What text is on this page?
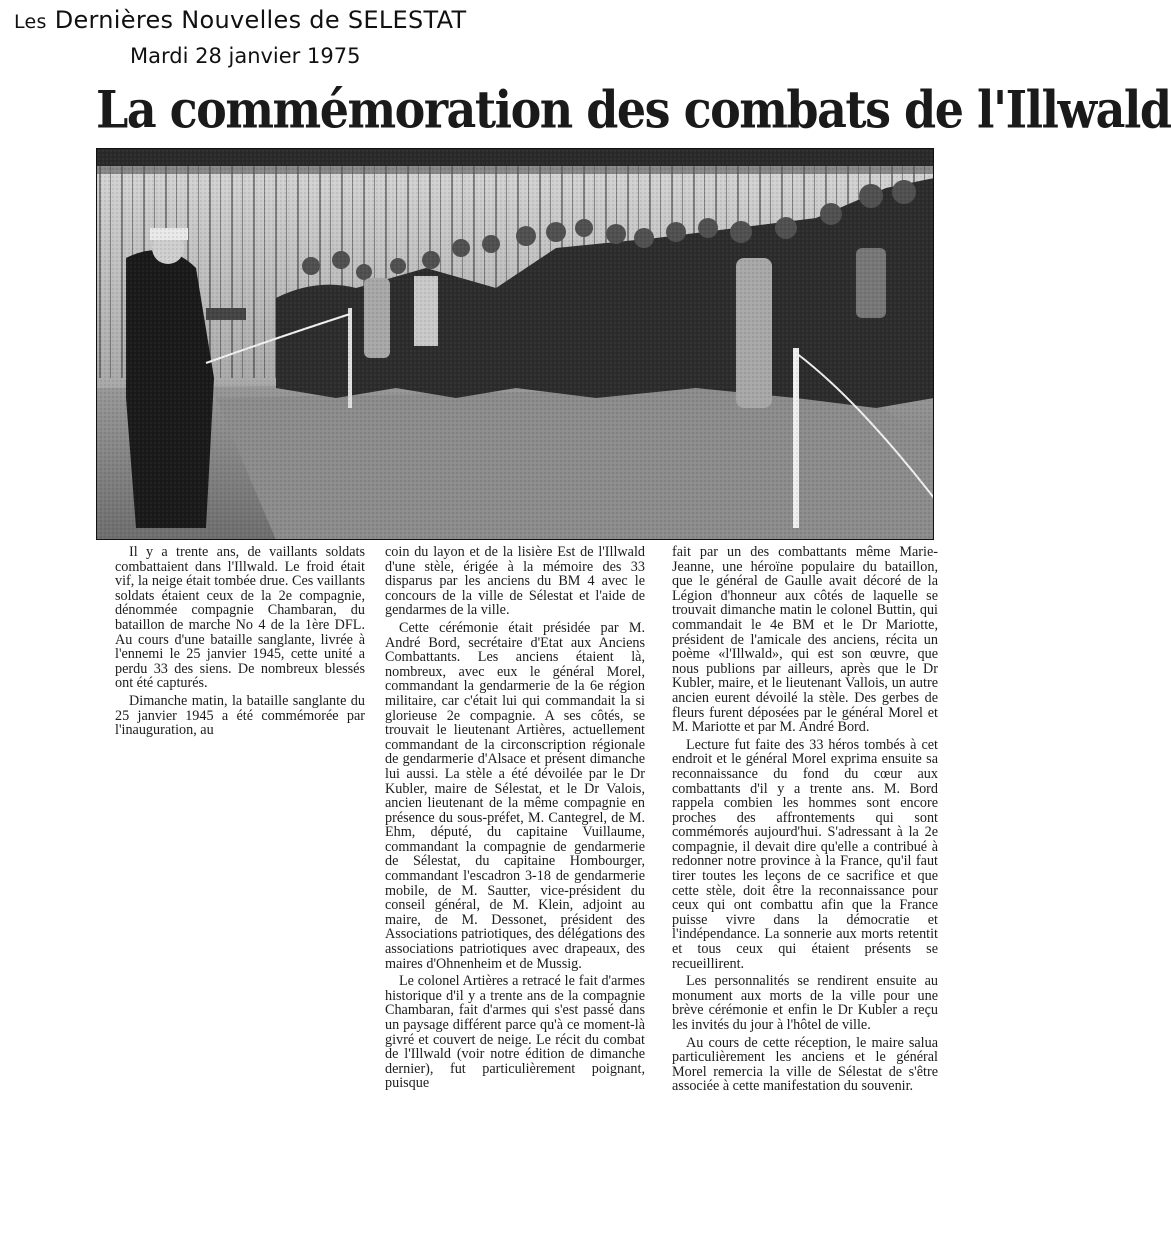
Les Dernières Nouvelles de SELESTAT
Mardi 28 janvier 1975
La commémoration des combats de l'Illwald

Il y a trente ans, de vaillants soldats combattaient dans l'Illwald. Le froid était vif, la neige était tombée drue. Ces vaillants soldats étaient ceux de la 2e compagnie, dénommée compagnie Chambaran, du bataillon de marche No 4 de la 1ère DFL. Au cours d'une bataille sanglante, livrée à l'ennemi le 25 janvier 1945, cette unité a perdu 33 des siens. De nombreux blessés ont été capturés.

Dimanche matin, la bataille sanglante du 25 janvier 1945 a été commémorée par l'inauguration, au

coin du layon et de la lisière Est de l'Illwald d'une stèle, érigée à la mémoire des 33 disparus par les anciens du BM 4 avec le concours de la ville de Sélestat et l'aide de gendarmes de la ville.

Cette cérémonie était présidée par M. André Bord, secrétaire d'Etat aux Anciens Combattants. Les anciens étaient là, nombreux, avec eux le général Morel, commandant la gendarmerie de la 6e région militaire, car c'était lui qui commandait la si glorieuse 2e compagnie. A ses côtés, se trouvait le lieutenant Artières, actuellement commandant de la circonscription régionale de gendarmerie d'Alsace et présent dimanche lui aussi. La stèle a été dévoilée par le Dr Kubler, maire de Sélestat, et le Dr Valois, ancien lieutenant de la même compagnie en présence du sous-préfet, M. Cantegrel, de M. Ehm, député, du capitaine Vuillaume, commandant la compagnie de gendarmerie de Sélestat, du capitaine Hombourger, commandant l'escadron 3-18 de gendarmerie mobile, de M. Sautter, vice-président du conseil général, de M. Klein, adjoint au maire, de M. Dessonet, président des Associations patriotiques, des délégations des associations patriotiques avec drapeaux, des maires d'Ohnenheim et de Mussig.

Le colonel Artières a retracé le fait d'armes historique d'il y a trente ans de la compagnie Chambaran, fait d'armes qui s'est passé dans un paysage différent parce qu'à ce moment-là givré et couvert de neige. Le récit du combat de l'Illwald (voir notre édition de dimanche dernier), fut particulièrement poignant, puisque

fait par un des combattants même Marie-Jeanne, une héroïne populaire du bataillon, que le général de Gaulle avait décoré de la Légion d'honneur aux côtés de laquelle se trouvait dimanche matin le colonel Buttin, qui commandait le 4e BM et le Dr Mariotte, président de l'amicale des anciens, récita un poème «l'Illwald», qui est son œuvre, que nous publions par ailleurs, après que le Dr Kubler, maire, et le lieutenant Vallois, un autre ancien eurent dévoilé la stèle. Des gerbes de fleurs furent déposées par le général Morel et M. Mariotte et par M. André Bord.

Lecture fut faite des 33 héros tombés à cet endroit et le général Morel exprima ensuite sa reconnaissance du fond du cœur aux combattants d'il y a trente ans. M. Bord rappela combien les hommes sont encore proches des affrontements qui sont commémorés aujourd'hui. S'adressant à la 2e compagnie, il devait dire qu'elle a contribué à redonner notre province à la France, qu'il faut tirer toutes les leçons de ce sacrifice et que cette stèle, doit être la reconnaissance pour ceux qui ont combattu afin que la France puisse vivre dans la démocratie et l'indépendance. La sonnerie aux morts retentit et tous ceux qui étaient présents se recueillirent.

Les personnalités se rendirent ensuite au monument aux morts de la ville pour une brève cérémonie et enfin le Dr Kubler a reçu les invités du jour à l'hôtel de ville.

Au cours de cette réception, le maire salua particulièrement les anciens et le général Morel remercia la ville de Sélestat de s'être associée à cette manifestation du souvenir.
